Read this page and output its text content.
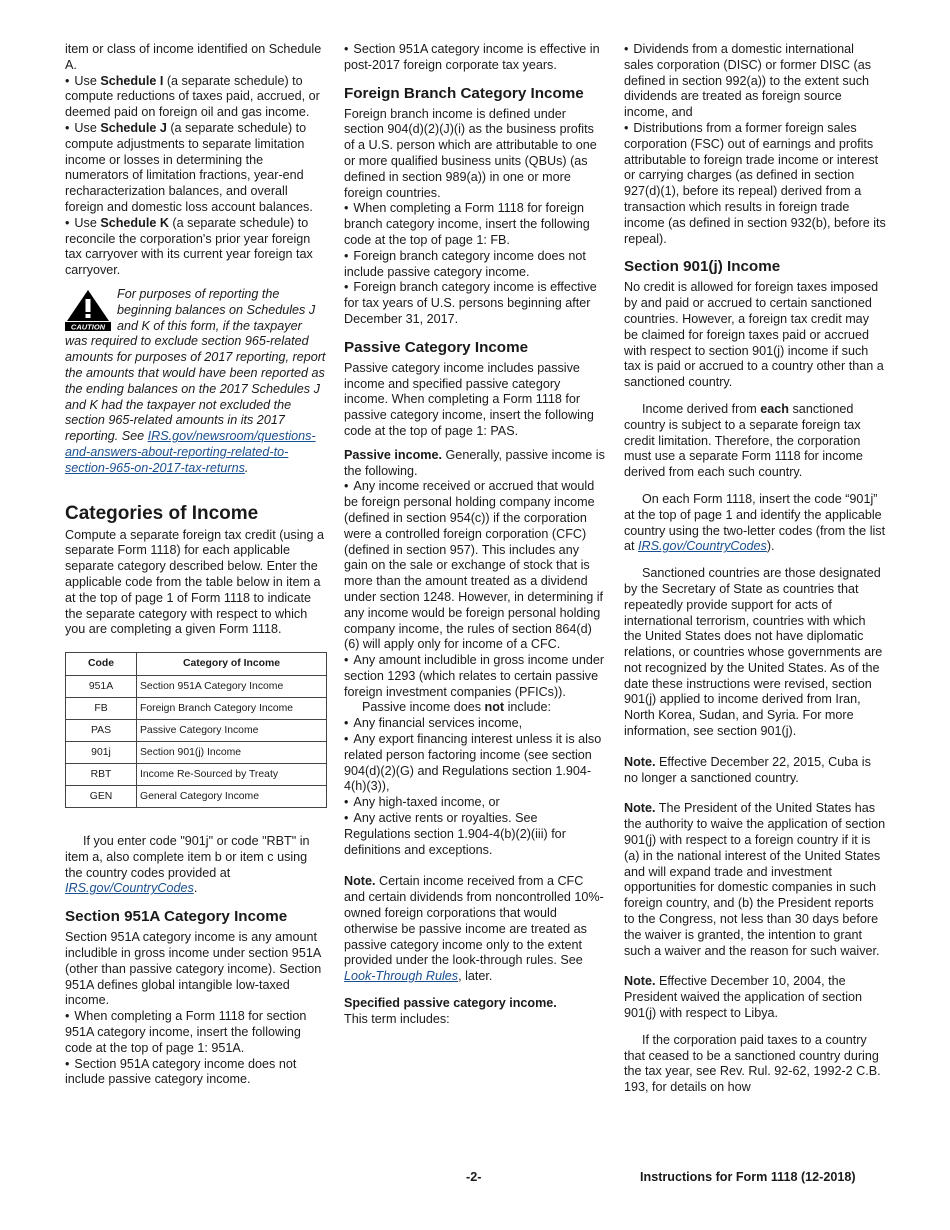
item or class of income identified on Schedule A.

• Use Schedule I (a separate schedule) to compute reductions of taxes paid, accrued, or deemed paid on foreign oil and gas income.

• Use Schedule J (a separate schedule) to compute adjustments to separate limitation income or losses in determining the numerators of limitation fractions, year-end recharacterization balances, and overall foreign and domestic loss account balances.

• Use Schedule K (a separate schedule) to reconcile the corporation's prior year foreign tax carryover with its current year foreign tax carryover.

CAUTION
For purposes of reporting the beginning balances on Schedules J and K of this form, if the taxpayer was required to exclude section 965-related amounts for purposes of 2017 reporting, report the amounts that would have been reported as the ending balances on the 2017 Schedules J and K had the taxpayer not excluded the section 965-related amounts in its 2017 reporting. See IRS.gov/newsroom/questions-and-answers-about-reporting-related-to-section-965-on-2017-tax-returns.
Categories of Income

Compute a separate foreign tax credit (using a separate Form 1118) for each applicable separate category described below. Enter the applicable code from the table below in item a at the top of page 1 of Form 1118 to indicate the separate category with respect to which you are completing a given Form 1118.

Code	Category of Income
951A	Section 951A Category Income
FB	Foreign Branch Category Income
PAS	Passive Category Income
901j	Section 901(j) Income
RBT	Income Re-Sourced by Treaty
GEN	General Category Income

If you enter code "901j" or code "RBT" in item a, also complete item b or item c using the country codes provided at IRS.gov/CountryCodes.

Section 951A Category Income

Section 951A category income is any amount includible in gross income under section 951A (other than passive category income). Section 951A defines global intangible low-taxed income.

• When completing a Form 1118 for section 951A category income, insert the following code at the top of page 1: 951A.

• Section 951A category income does not include passive category income.

• Section 951A category income is effective in post-2017 foreign corporate tax years.

Foreign Branch Category Income

Foreign branch income is defined under section 904(d)(2)(J)(i) as the business profits of a U.S. person which are attributable to one or more qualified business units (QBUs) (as defined in section 989(a)) in one or more foreign countries.

• When completing a Form 1118 for foreign branch category income, insert the following code at the top of page 1: FB.

• Foreign branch category income does not include passive category income.

• Foreign branch category income is effective for tax years of U.S. persons beginning after December 31, 2017.

Passive Category Income

Passive category income includes passive income and specified passive category income. When completing a Form 1118 for passive category income, insert the following code at the top of page 1: PAS.

Passive income. Generally, passive income is the following.

• Any income received or accrued that would be foreign personal holding company income (defined in section 954(c)) if the corporation were a controlled foreign corporation (CFC) (defined in section 957). This includes any gain on the sale or exchange of stock that is more than the amount treated as a dividend under section 1248. However, in determining if any income would be foreign personal holding company income, the rules of section 864(d)(6) will apply only for income of a CFC.

• Any amount includible in gross income under section 1293 (which relates to certain passive foreign investment companies (PFICs)).

Passive income does not include:

• Any financial services income,

• Any export financing interest unless it is also related person factoring income (see section 904(d)(2)(G) and Regulations section 1.904-4(h)(3)),

• Any high-taxed income, or

• Any active rents or royalties. See Regulations section 1.904-4(b)(2)(iii) for definitions and exceptions.

Note. Certain income received from a CFC and certain dividends from noncontrolled 10%-owned foreign corporations that would otherwise be passive income are treated as passive category income only to the extent provided under the look-through rules. See Look-Through Rules, later.

Specified passive category income.
This term includes:

• Dividends from a domestic international sales corporation (DISC) or former DISC (as defined in section 992(a)) to the extent such dividends are treated as foreign source income, and

• Distributions from a former foreign sales corporation (FSC) out of earnings and profits attributable to foreign trade income or interest or carrying charges (as defined in section 927(d)(1), before its repeal) derived from a transaction which results in foreign trade income (as defined in section 932(b), before its repeal).

Section 901(j) Income

No credit is allowed for foreign taxes imposed by and paid or accrued to certain sanctioned countries. However, a foreign tax credit may be claimed for foreign taxes paid or accrued with respect to section 901(j) income if such tax is paid or accrued to a country other than a sanctioned country.

Income derived from each sanctioned country is subject to a separate foreign tax credit limitation. Therefore, the corporation must use a separate Form 1118 for income derived from each such country.

On each Form 1118, insert the code “901j” at the top of page 1 and identify the applicable country using the two-letter codes (from the list at IRS.gov/CountryCodes).

Sanctioned countries are those designated by the Secretary of State as countries that repeatedly provide support for acts of international terrorism, countries with which the United States does not have diplomatic relations, or countries whose governments are not recognized by the United States. As of the date these instructions were revised, section 901(j) applied to income derived from Iran, North Korea, Sudan, and Syria. For more information, see section 901(j).

Note. Effective December 22, 2015, Cuba is no longer a sanctioned country.

Note. The President of the United States has the authority to waive the application of section 901(j) with respect to a foreign country if it is (a) in the national interest of the United States and will expand trade and investment opportunities for domestic companies in such foreign country, and (b) the President reports to the Congress, not less than 30 days before the waiver is granted, the intention to grant such a waiver and the reason for such waiver.

Note. Effective December 10, 2004, the President waived the application of section 901(j) with respect to Libya.

If the corporation paid taxes to a country that ceased to be a sanctioned country during the tax year, see Rev. Rul. 92-62, 1992-2 C.B. 193, for details on how

-2-	Instructions for Form 1118 (12-2018)
